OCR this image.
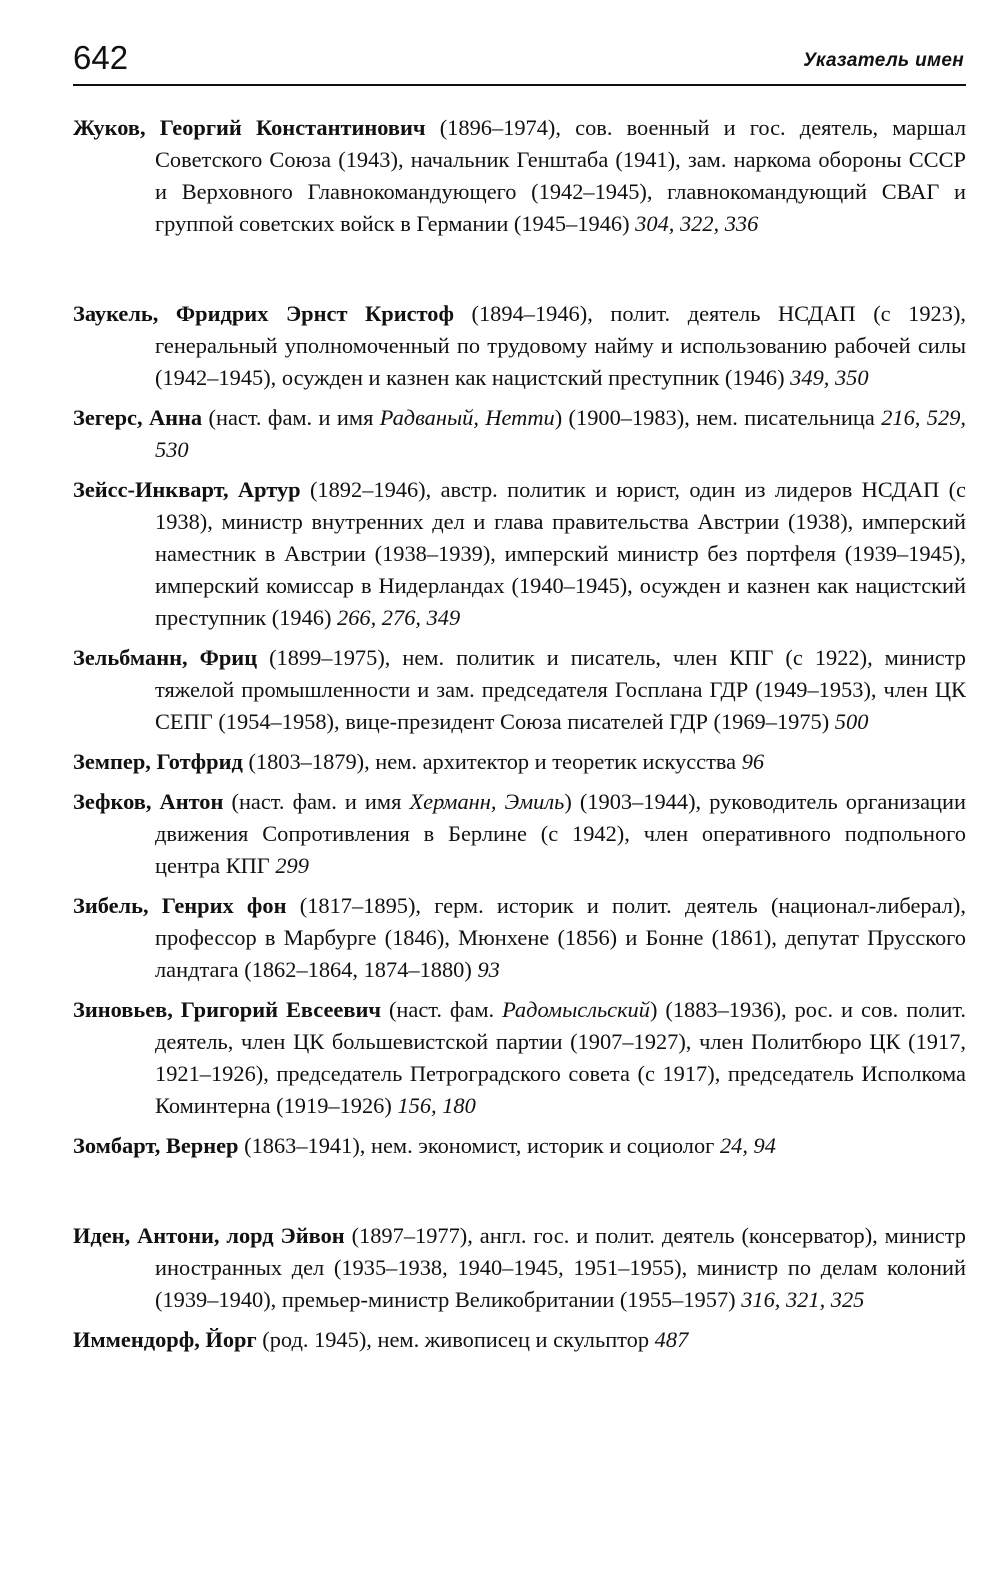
642	Указатель имен

Жуков, Георгий Константинович (1896–1974), сов. военный и гос. деятель, маршал Советского Союза (1943), начальник Генштаба (1941), зам. наркома обороны СССР и Верховного Главнокомандующего (1942–1945), главнокомандующий СВАГ и группой советских войск в Германии (1945–1946) 304, 322, 336

Заукель, Фридрих Эрнст Кристоф (1894–1946), полит. деятель НСДАП (с 1923), генеральный уполномоченный по трудовому найму и использованию рабочей силы (1942–1945), осужден и казнен как нацистский преступник (1946) 349, 350

Зегерс, Анна (наст. фам. и имя Радваный, Нетти) (1900–1983), нем. писательница 216, 529, 530

Зейсс-Инкварт, Артур (1892–1946), австр. политик и юрист, один из лидеров НСДАП (с 1938), министр внутренних дел и глава правительства Австрии (1938), имперский наместник в Австрии (1938–1939), имперский министр без портфеля (1939–1945), имперский комиссар в Нидерландах (1940–1945), осужден и казнен как нацистский преступник (1946) 266, 276, 349

Зельбманн, Фриц (1899–1975), нем. политик и писатель, член КПГ (с 1922), министр тяжелой промышленности и зам. председателя Госплана ГДР (1949–1953), член ЦК СЕПГ (1954–1958), вице-президент Союза писателей ГДР (1969–1975) 500

Земпер, Готфрид (1803–1879), нем. архитектор и теоретик искусства 96

Зефков, Антон (наст. фам. и имя Херманн, Эмиль) (1903–1944), руководитель организации движения Сопротивления в Берлине (с 1942), член оперативного подпольного центра КПГ 299

Зибель, Генрих фон (1817–1895), герм. историк и полит. деятель (национал-либерал), профессор в Марбурге (1846), Мюнхене (1856) и Бонне (1861), депутат Прусского ландтага (1862–1864, 1874–1880) 93

Зиновьев, Григорий Евсеевич (наст. фам. Радомысльский) (1883–1936), рос. и сов. полит. деятель, член ЦК большевистской партии (1907–1927), член Политбюро ЦК (1917, 1921–1926), председатель Петроградского совета (с 1917), председатель Исполкома Коминтерна (1919–1926) 156, 180

Зомбарт, Вернер (1863–1941), нем. экономист, историк и социолог 24, 94

Иден, Антони, лорд Эйвон (1897–1977), англ. гос. и полит. деятель (консерватор), министр иностранных дел (1935–1938, 1940–1945, 1951–1955), министр по делам колоний (1939–1940), премьер-министр Великобритании (1955–1957) 316, 321, 325

Иммендорф, Йорг (род. 1945), нем. живописец и скульптор 487
